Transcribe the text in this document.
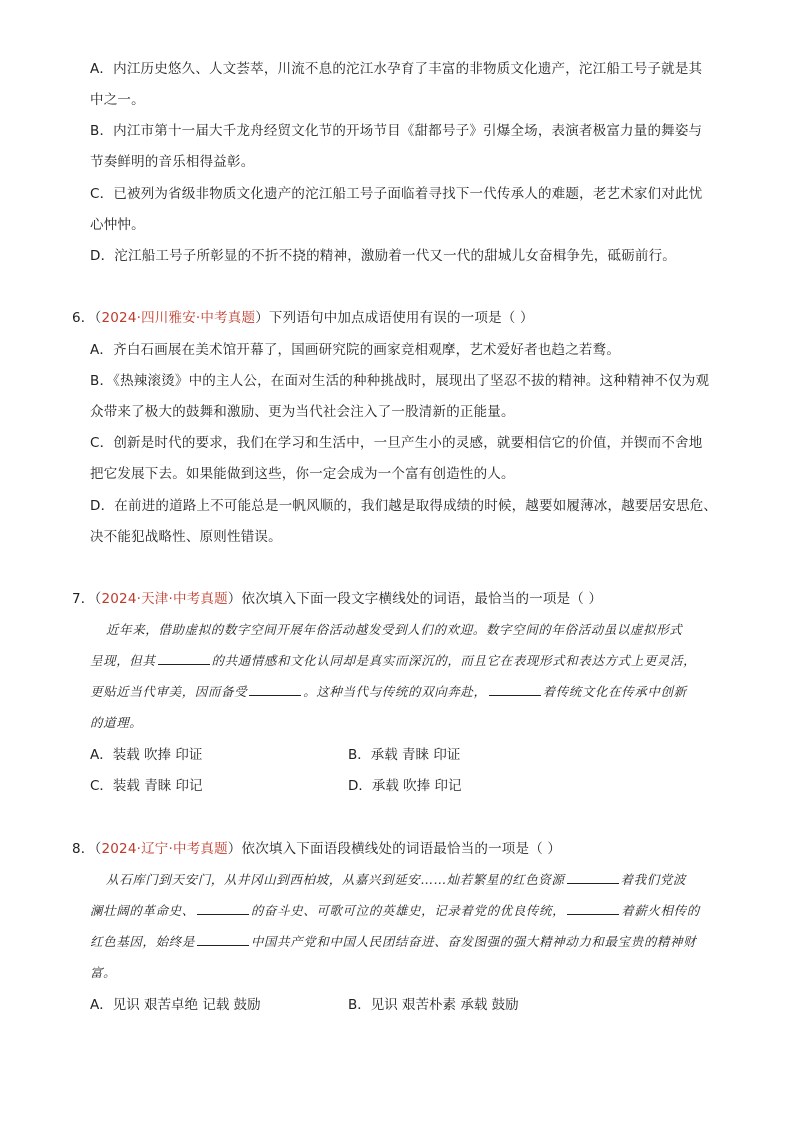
A．内江历史悠久、人文荟萃，川流不息的沱江水孕育了丰富的非物质文化遗产，沱江船工号子就是其
中之一。
B．内江市第十一届大千龙舟经贸文化节的开场节目《甜都号子》引爆全场，表演者极富力量的舞姿与
节奏鲜明的音乐相得益彰。
C．已被列为省级非物质文化遗产的沱江船工号子面临着寻找下一代传承人的难题，老艺术家们对此忧
心忡忡。
D．沱江船工号子所彰显的不折不挠的精神，激励着一代又一代的甜城儿女奋楫争先，砥砺前行。
6．（2024·四川雅安·中考真题）下列语句中加点成语使用有误的一项是（ ）
A．齐白石画展在美术馆开幕了，国画研究院的画家竞相观摩，艺术爱好者也趋之若鹜。
B．《热辣滚烫》中的主人公，在面对生活的种种挑战时，展现出了坚忍不拔的精神。这种精神不仅为观
众带来了极大的鼓舞和激励、更为当代社会注入了一股清新的正能量。
C．创新是时代的要求，我们在学习和生活中，一旦产生小的灵感，就要相信它的价值，并锲而不舍地
把它发展下去。如果能做到这些，你一定会成为一个富有创造性的人。
D．在前进的道路上不可能总是一帆风顺的，我们越是取得成绩的时候，越要如履薄冰，越要居安思危、
决不能犯战略性、原则性错误。
7．（2024·天津·中考真题）依次填入下面一段文字横线处的词语，最恰当的一项是（ ）
近年来，借助虚拟的数字空间开展年俗活动越发受到人们的欢迎。数字空间的年俗活动虽以虚拟形式
呈现，但其	的共通情感和文化认同却是真实而深沉的，而且它在表现形式和表达方式上更灵活，
更贴近当代审美，因而备受	。这种当代与传统的双向奔赴，	着传统文化在传承中创新
的道理。
A．装载 吹捧 印证	B．承载 青睐 印证
C．装载 青睐 印记	D．承载 吹捧 印记
8．（2024·辽宁·中考真题）依次填入下面语段横线处的词语最恰当的一项是（ ）
从石库门到天安门，从井冈山到西柏坡，从嘉兴到延安……灿若繁星的红色资源	着我们党波
澜壮阔的革命史、	的奋斗史、可歌可泣的英雄史，记录着党的优良传统，	着薪火相传的
红色基因，始终是	中国共产党和中国人民团结奋进、奋发图强的强大精神动力和最宝贵的精神财
富。
A．见识 艰苦卓绝 记载 鼓励	B．见识 艰苦朴素 承载 鼓励
